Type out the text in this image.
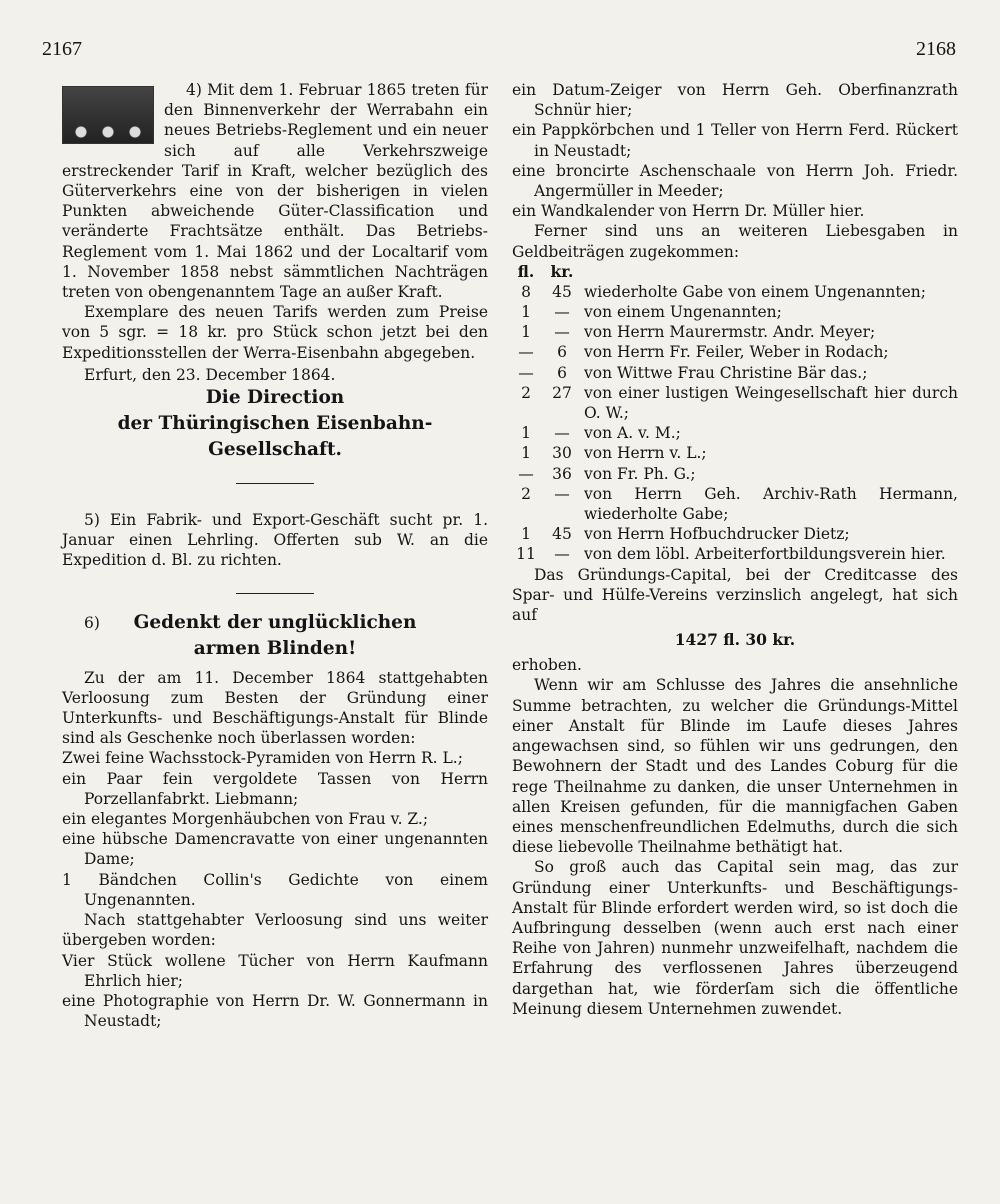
2167	2168

4) Mit dem 1. Februar 1865 treten für den Binnenverkehr der Werrabahn ein neues Betriebs-Reglement und ein neuer sich auf alle Verkehrszweige erstreckender Tarif in Kraft, welcher bezüglich des Güterverkehrs eine von der bisherigen in vielen Punkten abweichende Güter-Classification und veränderte Frachtsätze enthält. Das Betriebs-Reglement vom 1. Mai 1862 und der Localtarif vom 1. November 1858 nebst sämmtlichen Nachträgen treten von obengenanntem Tage an außer Kraft.

Exemplare des neuen Tarifs werden zum Preise von 5 sgr. = 18 kr. pro Stück schon jetzt bei den Expeditionsstellen der Werra-Eisenbahn abgegeben.

Erfurt, den 23. December 1864.

Die Direction
der Thüringischen Eisenbahn-
Gesellschaft.

5) Ein Fabrik- und Export-Geschäft sucht pr. 1. Januar einen Lehrling. Offerten sub W. an die Expedition d. Bl. zu richten.

6) Gedenkt der unglücklichen
armen Blinden!

Zu der am 11. December 1864 stattgehabten Verloosung zum Besten der Gründung einer Unterkunfts- und Beschäftigungs-Anstalt für Blinde sind als Geschenke noch überlassen worden:

Zwei feine Wachsstock-Pyramiden von Herrn R. L.;

ein Paar fein vergoldete Tassen von Herrn Porzellanfabrkt. Liebmann;

ein elegantes Morgenhäubchen von Frau v. Z.;

eine hübsche Damencravatte von einer ungenannten Dame;

1 Bändchen Collin's Gedichte von einem Ungenannten.

Nach stattgehabter Verloosung sind uns weiter übergeben worden:

Vier Stück wollene Tücher von Herrn Kaufmann Ehrlich hier;

eine Photographie von Herrn Dr. W. Gonnermann in Neustadt;

ein Datum-Zeiger von Herrn Geh. Oberfinanzrath Schnür hier;

ein Pappkörbchen und 1 Teller von Herrn Ferd. Rückert in Neustadt;

eine broncirte Aschenschaale von Herrn Joh. Friedr. Angermüller in Meeder;

ein Wandkalender von Herrn Dr. Müller hier.

Ferner sind uns an weiteren Liebesgaben in Geldbeiträgen zugekommen:

fl.	kr.
8	45 wiederholte Gabe von einem Ungenannten;
1	— von einem Ungenannten;
1	— von Herrn Maurermstr. Andr. Meyer;
—	6	von Herrn Fr. Feiler, Weber in Rodach;
—	6	von Wittwe Frau Christine Bär das.;
2	27 von einer lustigen Weingesellschaft hier durch O. W.;
1	— von A. v. M.;
1	30 von Herrn v. L.;
—	36 von Fr. Ph. G.;
2	— von Herrn Geh. Archiv-Rath Hermann, wiederholte Gabe;
1	45 von Herrn Hofbuchdrucker Dietz;
11	— von dem löbl. Arbeiterfortbildungsverein hier.

Das Gründungs-Capital, bei der Creditcasse des Spar- und Hülfe-Vereins verzinslich angelegt, hat sich auf

1427 fl. 30 kr.

erhoben.

Wenn wir am Schlusse des Jahres die ansehnliche Summe betrachten, zu welcher die Gründungs-Mittel einer Anstalt für Blinde im Laufe dieses Jahres angewachsen sind, so fühlen wir uns gedrungen, den Bewohnern der Stadt und des Landes Coburg für die rege Theilnahme zu danken, die unser Unternehmen in allen Kreisen gefunden, für die mannigfachen Gaben eines menschenfreundlichen Edelmuths, durch die sich diese liebevolle Theilnahme bethätigt hat.

So groß auch das Capital sein mag, das zur Gründung einer Unterkunfts- und Beschäftigungs-Anstalt für Blinde erfordert werden wird, so ist doch die Aufbringung desselben (wenn auch erst nach einer Reihe von Jahren) nunmehr unzweifelhaft, nachdem die Erfahrung des verflossenen Jahres überzeugend dargethan hat, wie förderſam sich die öffentliche Meinung diesem Unternehmen zuwendet.
